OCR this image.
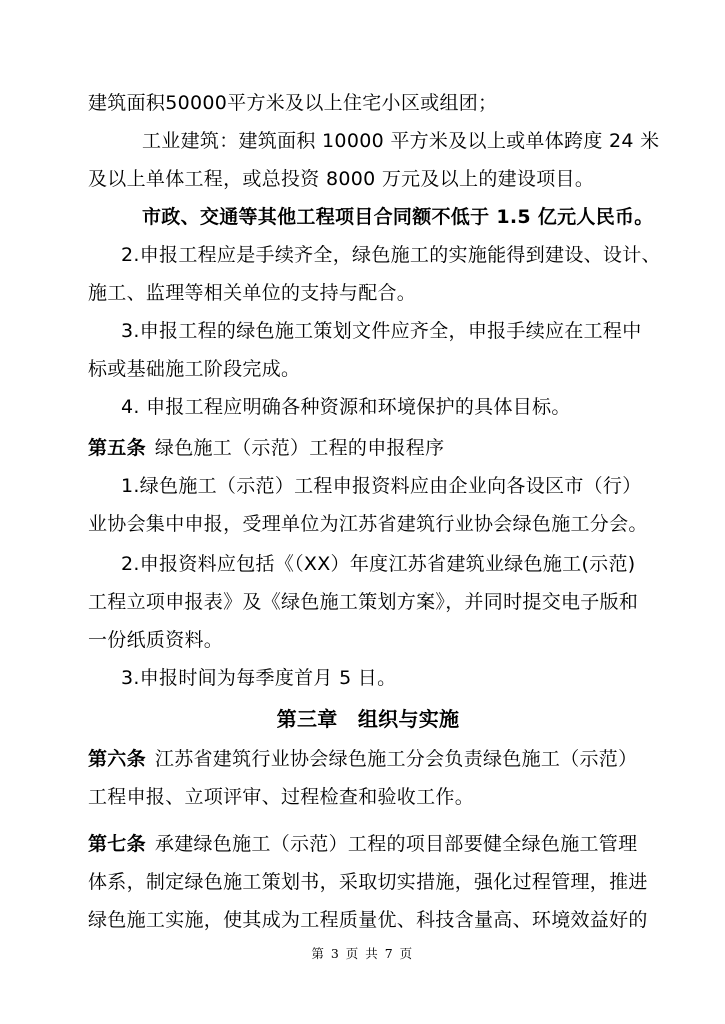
建筑面积50000平方米及以上住宅小区或组团；
工业建筑：建筑面积 10000 平方米及以上或单体跨度 24 米
及以上单体工程，或总投资 8000 万元及以上的建设项目。
市政、交通等其他工程项目合同额不低于 1.5 亿元人民币。
2.申报工程应是手续齐全，绿色施工的实施能得到建设、设计、
施工、监理等相关单位的支持与配合。
3.申报工程的绿色施工策划文件应齐全，申报手续应在工程中
标或基础施工阶段完成。
4. 申报工程应明确各种资源和环境保护的具体目标。
第五条 绿色施工（示范）工程的申报程序
1.绿色施工（示范）工程申报资料应由企业向各设区市（行）
业协会集中申报，受理单位为江苏省建筑行业协会绿色施工分会。
2.申报资料应包括《（XX）年度江苏省建筑业绿色施工(示范)
工程立项申报表》及《绿色施工策划方案》，并同时提交电子版和
一份纸质资料。
3.申报时间为每季度首月 5 日。
第三章　组织与实施
第六条 江苏省建筑行业协会绿色施工分会负责绿色施工（示范）
工程申报、立项评审、过程检查和验收工作。
第七条 承建绿色施工（示范）工程的项目部要健全绿色施工管理
体系，制定绿色施工策划书，采取切实措施，强化过程管理，推进
绿色施工实施，使其成为工程质量优、科技含量高、环境效益好的
第 3 页 共 7 页
